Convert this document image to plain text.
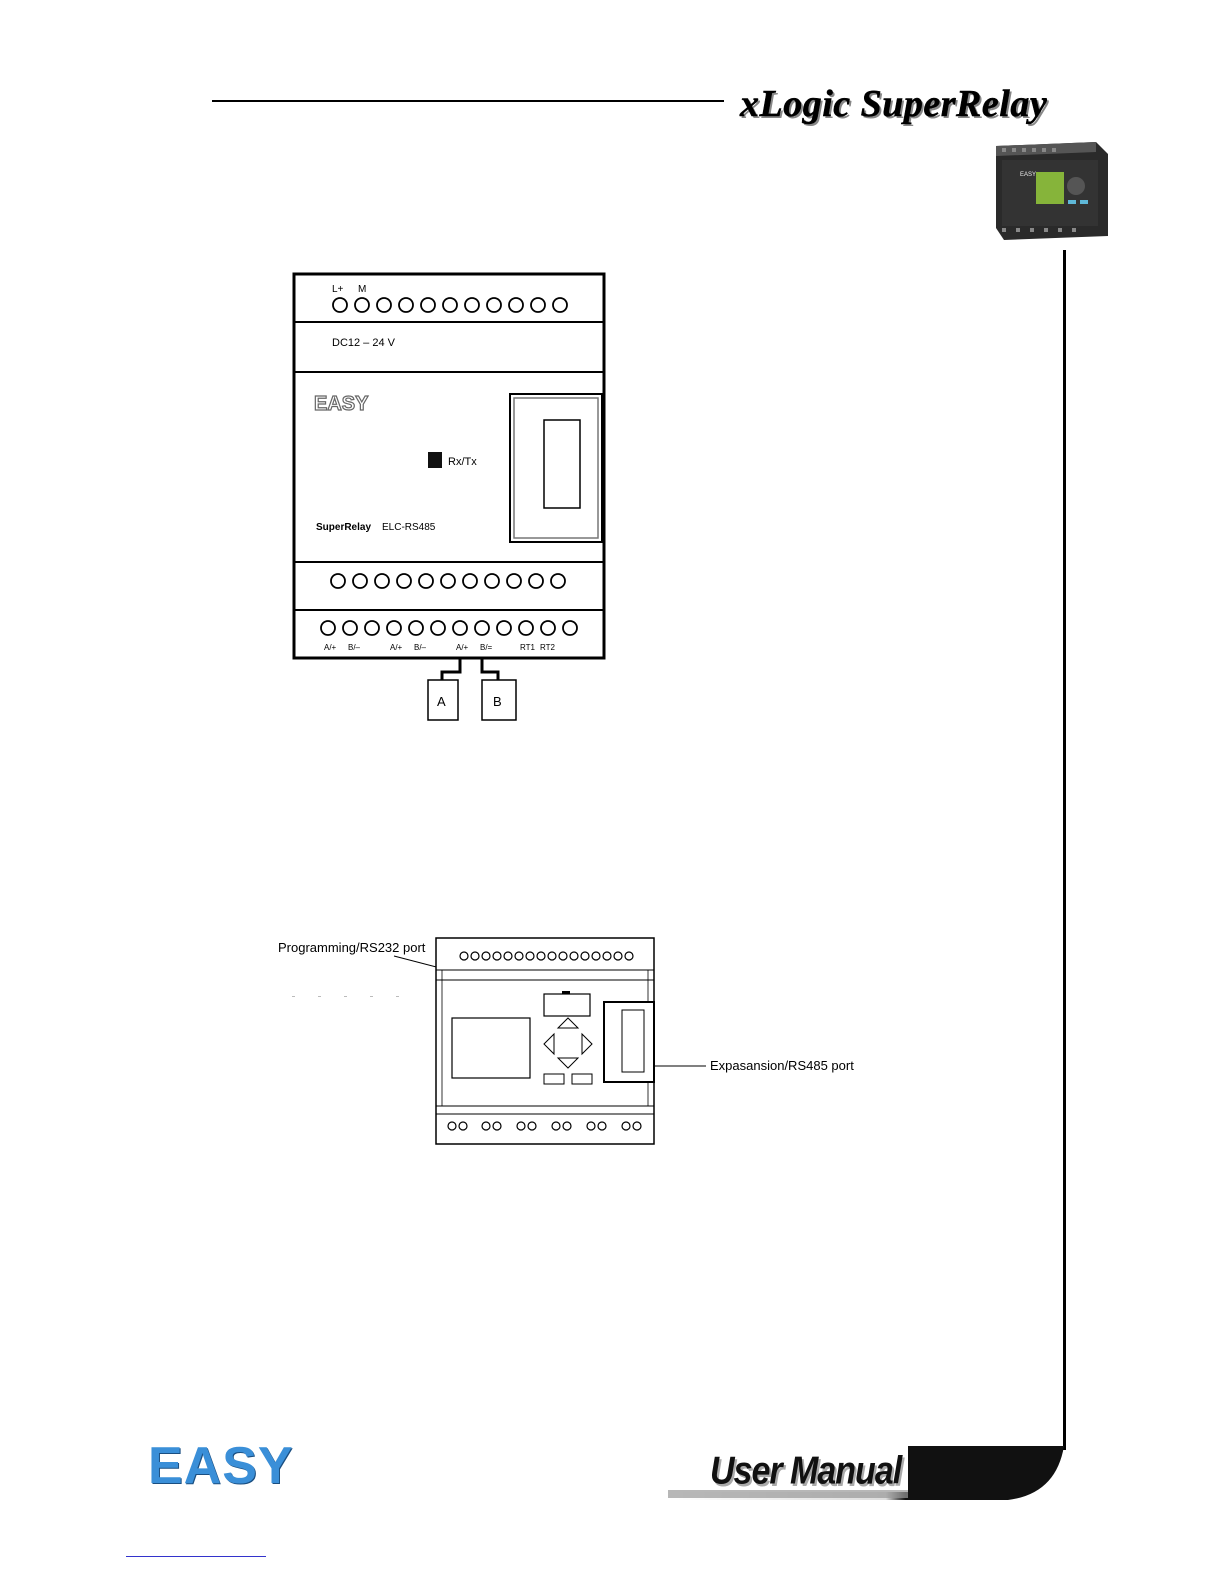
xLogic SuperRelay
EASY
L+ M
DC12 – 24 V
EASY
Rx/Tx
SuperRelay ELC-RS485
A/+ B/–	A/+ B/–	A/+ B/=	RT1 RT2
A	B
Programming/RS232 port
Expasansion/RS485 port
EASY	User Manual
